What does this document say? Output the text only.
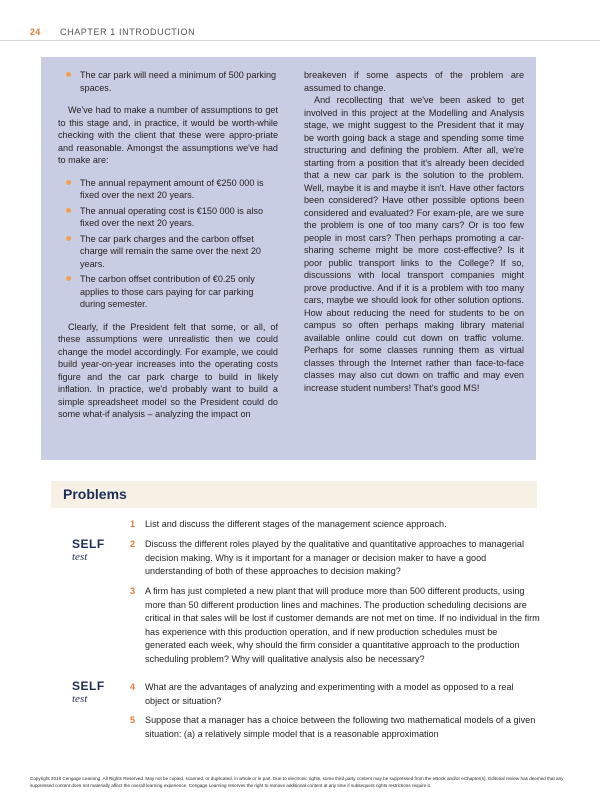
24 CHAPTER 1 INTRODUCTION
The car park will need a minimum of 500 parking spaces.

We've had to make a number of assumptions to get to this stage and, in practice, it would be worth-while checking with the client that these were appro-priate and reasonable. Amongst the assumptions we've had to make are:

The annual repayment amount of €250 000 is fixed over the next 20 years.
The annual operating cost is €150 000 is also fixed over the next 20 years.
The car park charges and the carbon offset charge will remain the same over the next 20 years.
The carbon offset contribution of €0.25 only applies to those cars paying for car parking during semester.

Clearly, if the President felt that some, or all, of these assumptions were unrealistic then we could change the model accordingly. For example, we could build year-on-year increases into the operating costs figure and the car park charge to build in likely inflation. In practice, we'd probably want to build a simple spreadsheet model so the President could do some what-if analysis – analyzing the impact on

breakeven if some aspects of the problem are assumed to change.

And recollecting that we've been asked to get involved in this project at the Modelling and Analysis stage, we might suggest to the President that it may be worth going back a stage and spending some time structuring and defining the problem. After all, we're starting from a position that it's already been decided that a new car park is the solution to the problem. Well, maybe it is and maybe it isn't. Have other factors been considered? Have other possible options been considered and evaluated? For exam-ple, are we sure the problem is one of too many cars? Or is too few people in most cars? Then perhaps promoting a car-sharing scheme might be more cost-effective? Is it poor public transport links to the College? If so, discussions with local transport companies might prove productive. And if it is a problem with too many cars, maybe we should look for other solution options. How about reducing the need for students to be on campus so often perhaps making library material available online could cut down on traffic volume. Perhaps for some classes running them as virtual classes through the Internet rather than face-to-face classes may also cut down on traffic and may even increase student numbers! That's good MS!

Problems
1 List and discuss the different stages of the management science approach.
SELF
test
2 Discuss the different roles played by the qualitative and quantitative approaches to managerial decision making. Why is it important for a manager or decision maker to have a good understanding of both of these approaches to decision making?
3 A firm has just completed a new plant that will produce more than 500 different products, using more than 50 different production lines and machines. The production scheduling decisions are critical in that sales will be lost if customer demands are not met on time. If no individual in the firm has experience with this production operation, and if new production schedules must be generated each week, why should the firm consider a quantitative approach to the production scheduling problem? Why will qualitative analysis also be necessary?
SELF
test
4 What are the advantages of analyzing and experimenting with a model as opposed to a real object or situation?
5 Suppose that a manager has a choice between the following two mathematical models of a given situation: (a) a relatively simple model that is a reasonable approximation
Copyright 2016 Cengage Learning. All Rights Reserved. May not be copied, scanned, or duplicated, in whole or in part. Due to electronic rights, some third party content may be suppressed from the eBook and/or eChapter(s). Editorial review has deemed that any suppressed content does not materially affect the overall learning experience. Cengage Learning reserves the right to remove additional content at any time if subsequent rights restrictions require it.
